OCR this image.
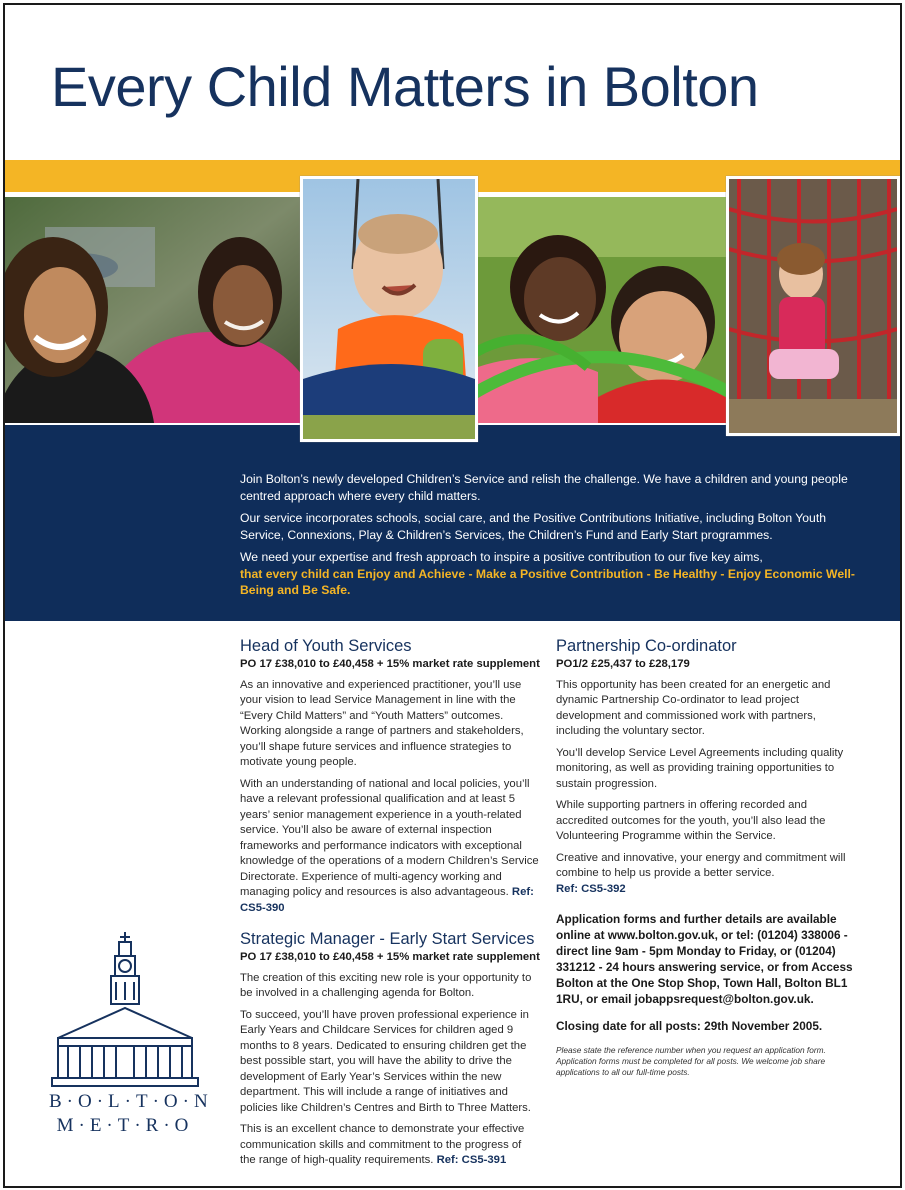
Every Child Matters in Bolton

Join Bolton’s newly developed Children’s Service and relish the challenge. We have a children and young people centred approach where every child matters.

Our service incorporates schools, social care, and the Positive Contributions Initiative, including Bolton Youth Service, Connexions, Play & Children’s Services, the Children’s Fund and Early Start programmes.

We need your expertise and fresh approach to inspire a positive contribution to our five key aims,
that every child can Enjoy and Achieve - Make a Positive Contribution - Be Healthy - Enjoy Economic Well-Being and Be Safe.

Head of Youth Services

PO 17 £38,010 to £40,458 + 15% market rate supplement

As an innovative and experienced practitioner, you’ll use your vision to lead Service Management in line with the “Every Child Matters” and “Youth Matters” outcomes. Working alongside a range of partners and stakeholders, you’ll shape future services and influence strategies to motivate young people.

With an understanding of national and local policies, you’ll have a relevant professional qualification and at least 5 years’ senior management experience in a youth-related service. You’ll also be aware of external inspection frameworks and performance indicators with exceptional knowledge of the operations of a modern Children’s Service Directorate. Experience of multi-agency working and managing policy and resources is also advantageous. Ref: CS5-390

Strategic Manager - Early Start Services

PO 17 £38,010 to £40,458 + 15% market rate supplement

The creation of this exciting new role is your opportunity to be involved in a challenging agenda for Bolton.

To succeed, you’ll have proven professional experience in Early Years and Childcare Services for children aged 9 months to 8 years. Dedicated to ensuring children get the best possible start, you will have the ability to drive the development of Early Year’s Services within the new department. This will include a range of initiatives and policies like Children’s Centres and Birth to Three Matters.

This is an excellent chance to demonstrate your effective communication skills and commitment to the progress of the range of high-quality requirements. Ref: CS5-391

Partnership Co-ordinator

PO1/2 £25,437 to £28,179

This opportunity has been created for an energetic and dynamic Partnership Co-ordinator to lead project development and commissioned work with partners, including the voluntary sector.

You’ll develop Service Level Agreements including quality monitoring, as well as providing training opportunities to sustain progression.

While supporting partners in offering recorded and accredited outcomes for the youth, you’ll also lead the Volunteering Programme within the Service.

Creative and innovative, your energy and commitment will combine to help us provide a better service.
Ref: CS5-392

Application forms and further details are available online at www.bolton.gov.uk, or tel: (01204) 338006 - direct line 9am - 5pm Monday to Friday, or (01204) 331212 - 24 hours answering service, or from Access Bolton at the One Stop Shop, Town Hall, Bolton BL1 1RU, or email jobappsrequest@bolton.gov.uk.

Closing date for all posts: 29th November 2005.

Please state the reference number when you request an application form. Application forms must be completed for all posts. We welcome job share applications to all our full-time posts.

B·O·L·T·O·N
M·E·T·R·O
